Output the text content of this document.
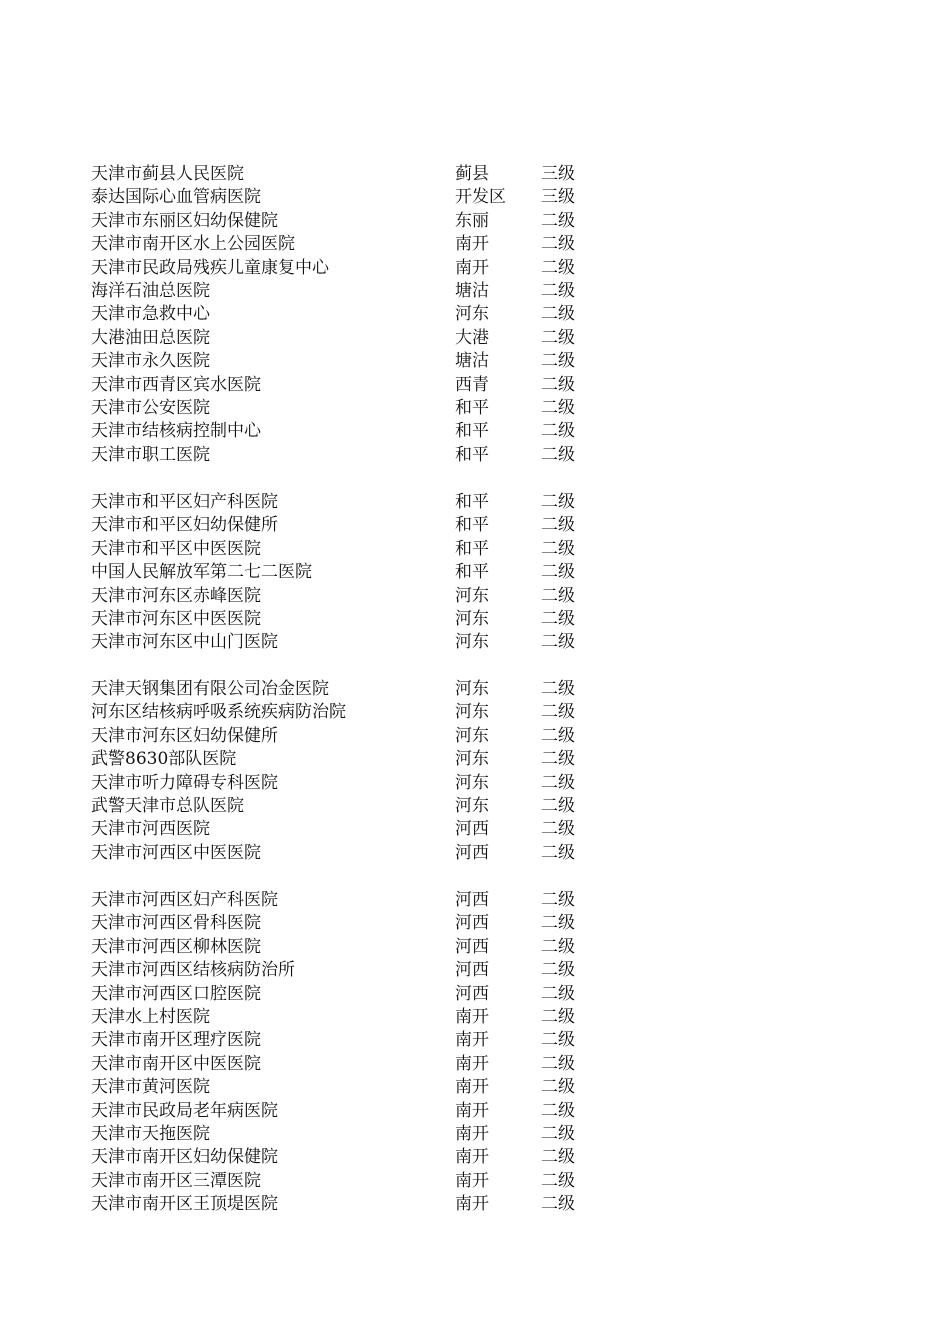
天津市蓟县人民医院	蓟县	三级
泰达国际心血管病医院	开发区 三级
天津市东丽区妇幼保健院	东丽	二级
天津市南开区水上公园医院	南开	二级
天津市民政局残疾儿童康复中心	南开	二级
海洋石油总医院	塘沽	二级
天津市急救中心	河东	二级
大港油田总医院	大港	二级
天津市永久医院	塘沽	二级
天津市西青区宾水医院	西青	二级
天津市公安医院	和平	二级
天津市结核病控制中心	和平	二级
天津市职工医院	和平	二级
天津市和平区妇产科医院	和平	二级
天津市和平区妇幼保健所	和平	二级
天津市和平区中医医院	和平	二级
中国人民解放军第二七二医院	和平	二级
天津市河东区赤峰医院	河东	二级
天津市河东区中医医院	河东	二级
天津市河东区中山门医院	河东	二级
天津天钢集团有限公司冶金医院	河东	二级
河东区结核病呼吸系统疾病防治院	河东	二级
天津市河东区妇幼保健所	河东	二级
武警8630部队医院	河东	二级
天津市听力障碍专科医院	河东	二级
武警天津市总队医院	河东	二级
天津市河西医院	河西	二级
天津市河西区中医医院	河西	二级
天津市河西区妇产科医院	河西	二级
天津市河西区骨科医院	河西	二级
天津市河西区柳林医院	河西	二级
天津市河西区结核病防治所	河西	二级
天津市河西区口腔医院	河西	二级
天津水上村医院	南开	二级
天津市南开区理疗医院	南开	二级
天津市南开区中医医院	南开	二级
天津市黄河医院	南开	二级
天津市民政局老年病医院	南开	二级
天津市天拖医院	南开	二级
天津市南开区妇幼保健院	南开	二级
天津市南开区三潭医院	南开	二级
天津市南开区王顶堤医院	南开	二级
